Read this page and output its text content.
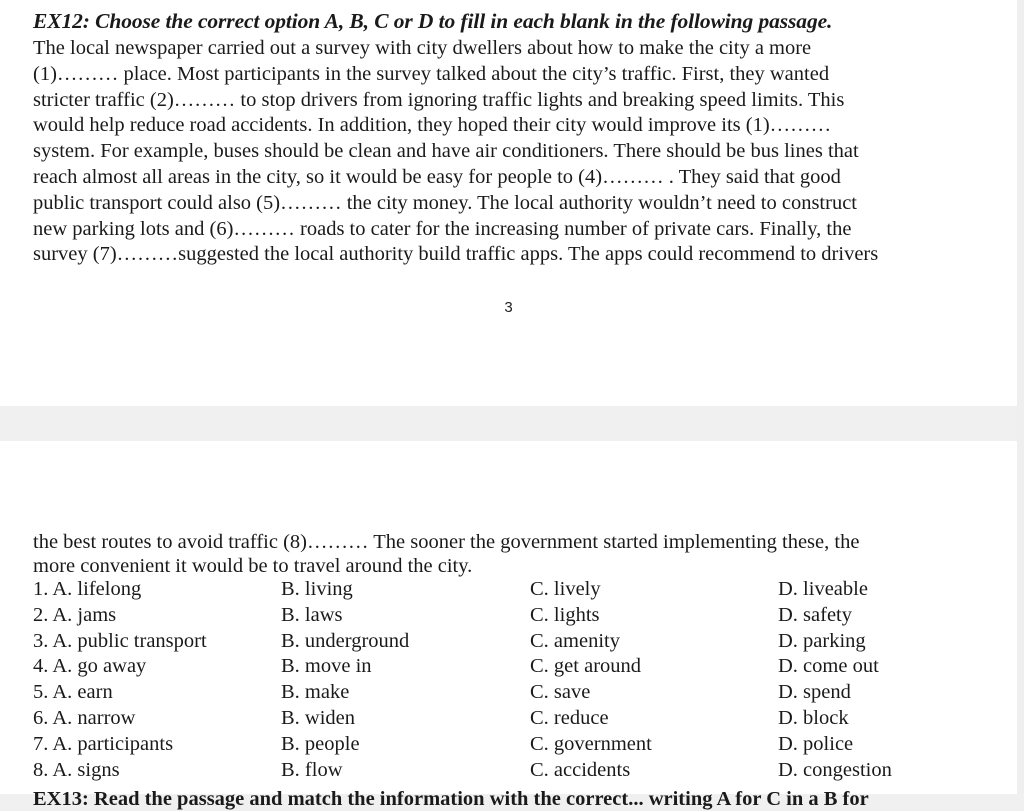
EX12: Choose the correct option A, B, C or D to fill in each blank in the following passage.
The local newspaper carried out a survey with city dwellers about how to make the city a more
(1)……… place. Most participants in the survey talked about the city’s traffic. First, they wanted
stricter traffic (2)……… to stop drivers from ignoring traffic lights and breaking speed limits. This
would help reduce road accidents. In addition, they hoped their city would improve its (1)………
system. For example, buses should be clean and have air conditioners. There should be bus lines that
reach almost all areas in the city, so it would be easy for people to (4)……… . They said that good
public transport could also (5)……… the city money. The local authority wouldn’t need to construct
new parking lots and (6)……… roads to cater for the increasing number of private cars. Finally, the
survey (7)………suggested the local authority build traffic apps. The apps could recommend to drivers
3
the best routes to avoid traffic (8)……… The sooner the government started implementing these, the
more convenient it would be to travel around the city.
1. A. lifelong	B. living	C. lively	D. liveable
2. A. jams	B. laws	C. lights	D. safety
3. A. public transport	B. underground	C. amenity	D. parking
4. A. go away	B. move in	C. get around	D. come out
5. A. earn	B. make	C. save	D. spend
6. A. narrow	B. widen	C. reduce	D. block
7. A. participants	B. people	C. government	D. police
8. A. signs	B. flow	C. accidents	D. congestion
EX13: Read the passage and match the information with the correct... writing A for C in a B for
